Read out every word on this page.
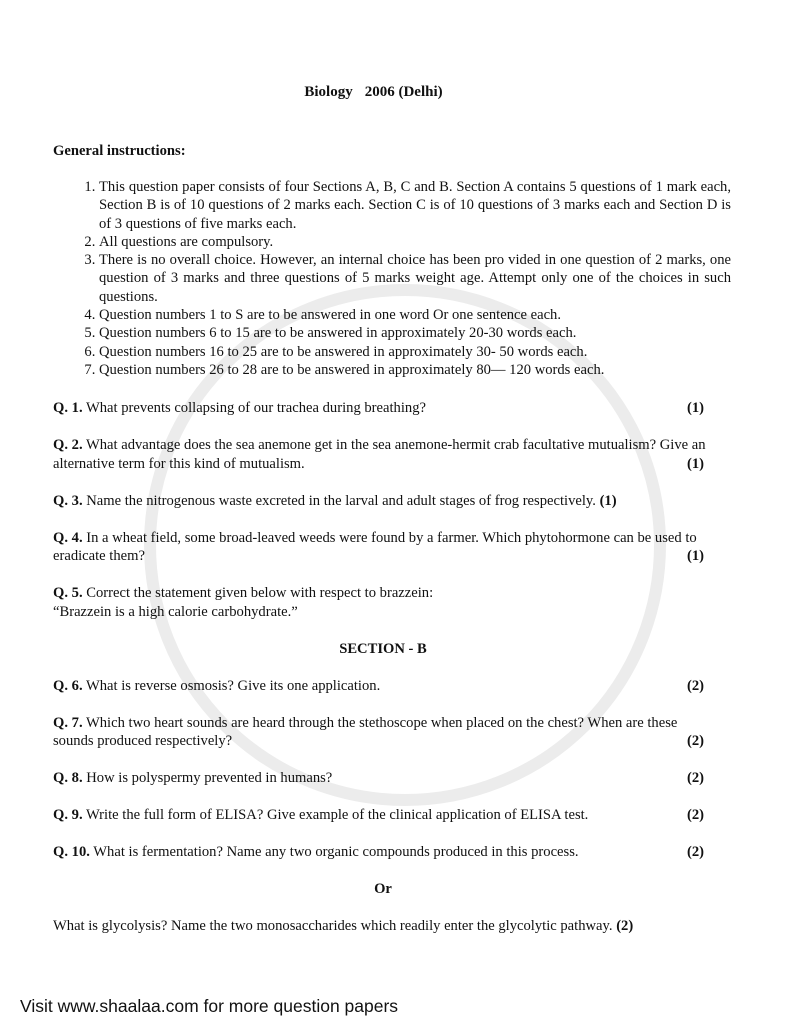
Biology 2006 (Delhi)
General instructions:
1. This question paper consists of four Sections A, B, C and B. Section A contains 5 questions of 1 mark each, Section B is of 10 questions of 2 marks each. Section C is of 10 questions of 3 marks each and Section D is of 3 questions of five marks each.
2. All questions are compulsory.
3. There is no overall choice. However, an internal choice has been pro vided in one question of 2 marks, one question of 3 marks and three questions of 5 marks weight age. Attempt only one of the choices in such questions.
4. Question numbers 1 to S are to be answered in one word Or one sentence each.
5. Question numbers 6 to 15 are to be answered in approximately 20-30 words each.
6. Question numbers 16 to 25 are to be answered in approximately 30- 50 words each.
7. Question numbers 26 to 28 are to be answered in approximately 80— 120 words each.
Q. 1. What prevents collapsing of our trachea during breathing?	(1)
Q. 2. What advantage does the sea anemone get in the sea anemone-hermit crab facultative mutualism? Give an alternative term for this kind of mutualism.	(1)
Q. 3. Name the nitrogenous waste excreted in the larval and adult stages of frog respectively. (1)
Q. 4. In a wheat field, some broad-leaved weeds were found by a farmer. Which phytohormone can be used to eradicate them?	(1)
Q. 5. Correct the statement given below with respect to brazzein:
“Brazzein is a high calorie carbohydrate.”
SECTION - B
Q. 6. What is reverse osmosis? Give its one application.	(2)
Q. 7. Which two heart sounds are heard through the stethoscope when placed on the chest? When are these sounds produced respectively?	(2)
Q. 8. How is polyspermy prevented in humans?	(2)
Q. 9. Write the full form of ELISA? Give example of the clinical application of ELISA test.	(2)
Q. 10. What is fermentation? Name any two organic compounds produced in this process.	(2)
Or
What is glycolysis? Name the two monosaccharides which readily enter the glycolytic pathway. (2)
Visit www.shaalaa.com for more question papers
